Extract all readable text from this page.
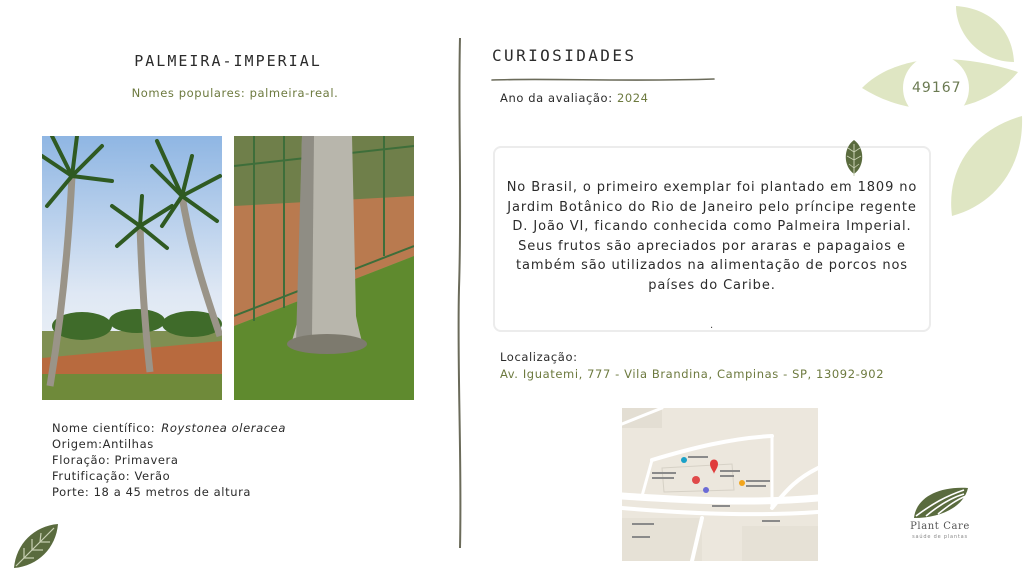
PALMEIRA-IMPERIAL
Nomes populares: palmeira-real.
Nome científico: Roystonea oleracea
Origem:Antilhas
Floração: Primavera
Frutificação: Verão
Porte: 18 a 45 metros de altura
CURIOSIDADES
Ano da avaliação: 2024
No Brasil, o primeiro exemplar foi plantado em 1809 no Jardim Botânico do Rio de Janeiro pelo príncipe regente D. João VI, ficando conhecida como Palmeira Imperial. Seus frutos são apreciados por araras e papagaios e também são utilizados na alimentação de porcos nos países do Caribe.
.
Localização:
Av. Iguatemi, 777 - Vila Brandina, Campinas - SP, 13092-902
49167
Plant Care
saúde de plantas
